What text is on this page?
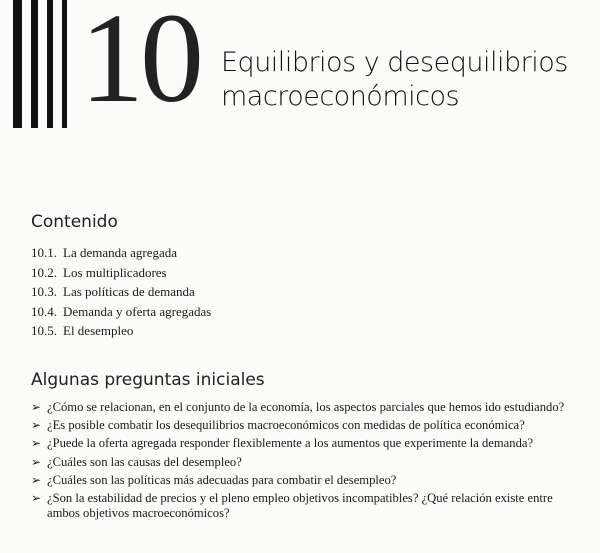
10 Equilibrios y desequilibrios
macroeconómicos
Contenido
10.1. La demanda agregada
10.2. Los multiplicadores
10.3. Las políticas de demanda
10.4. Demanda y oferta agregadas
10.5. El desempleo
Algunas preguntas iniciales
➢ ¿Cómo se relacionan, en el conjunto de la economía, los aspectos parciales que hemos ido estudiando?
➢ ¿Es posible combatir los desequilibrios macroeconómicos con medidas de política económica?
➢ ¿Puede la oferta agregada responder flexiblemente a los aumentos que experimente la demanda?
➢ ¿Cuáles son las causas del desempleo?
➢ ¿Cuáles son las políticas más adecuadas para combatir el desempleo?
➢ ¿Son la estabilidad de precios y el pleno empleo objetivos incompatibles? ¿Qué relación existe entre ambos objetivos macroeconómicos?
